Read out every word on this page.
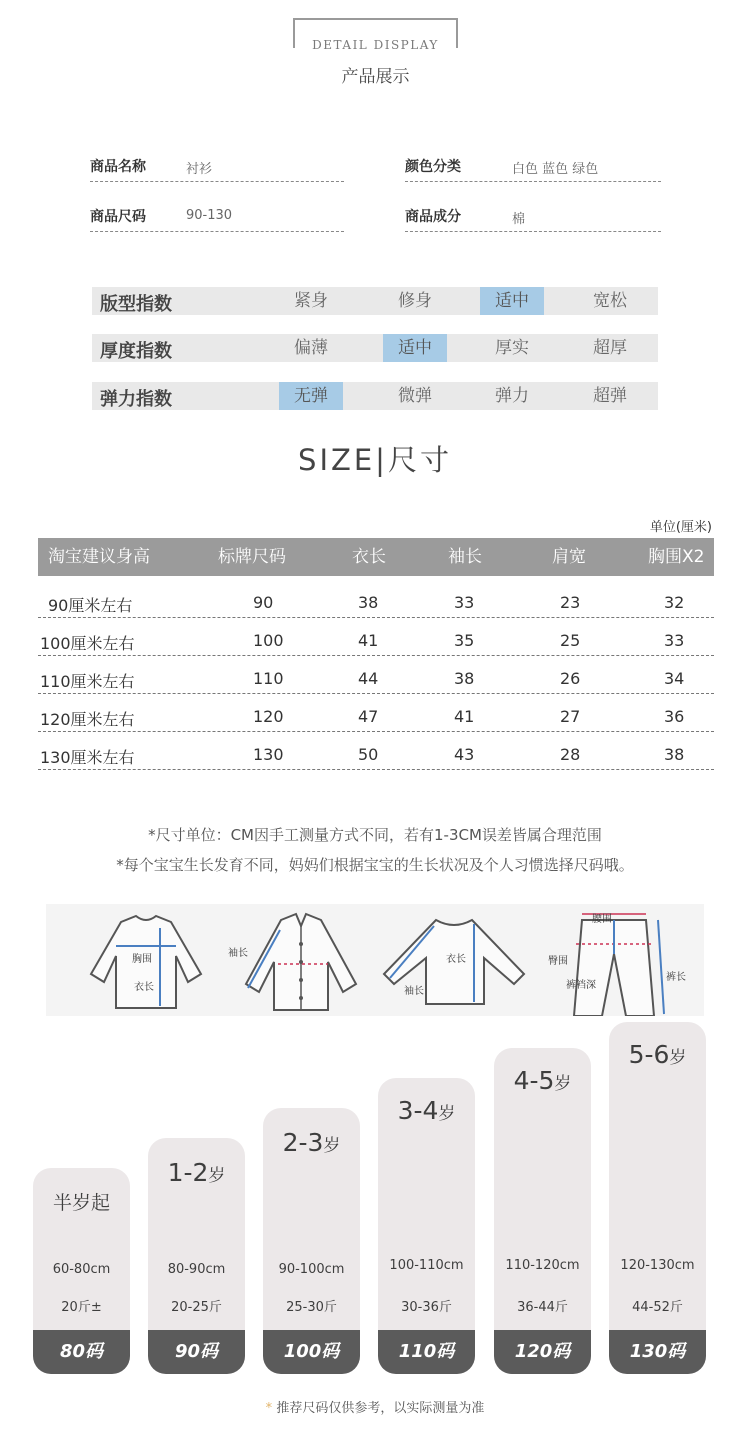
DETAIL DISPLAY
产品展示
商品名称	衬衫	颜色分类	白色 蓝色 绿色
商品尺码	90-130	商品成分	棉
版型指数	紧身	修身	适中	宽松
厚度指数	偏薄	适中	厚实	超厚
弹力指数	无弹	微弹	弹力	超弹
SIZE|尺寸
单位(厘米)
淘宝建议身高	标牌尺码	衣长	袖长	肩宽	胸围X2
90厘米左右	90	38	33	23	32
100厘米左右	100	41	35	25	33
110厘米左右	110	44	38	26	34
120厘米左右	120	47	41	27	36
130厘米左右	130	50	43	28	38
*尺寸单位：CM因手工测量方式不同，若有1-3CM误差皆属合理范围
*每个宝宝生长发育不同，妈妈们根据宝宝的生长状况及个人习惯选择尺码哦。
胸围
衣长
袖长
衣长
袖长
腰围
臀围
裤裆深
裤长
半岁起
60-80cm
20斤±
80码
1-2岁
80-90cm
20-25斤
90码
2-3岁
90-100cm
25-30斤
100码
3-4岁
100-110cm
30-36斤
110码
4-5岁
110-120cm
36-44斤
120码
5-6岁
120-130cm
44-52斤
130码
* 推荐尺码仅供参考，以实际测量为准
